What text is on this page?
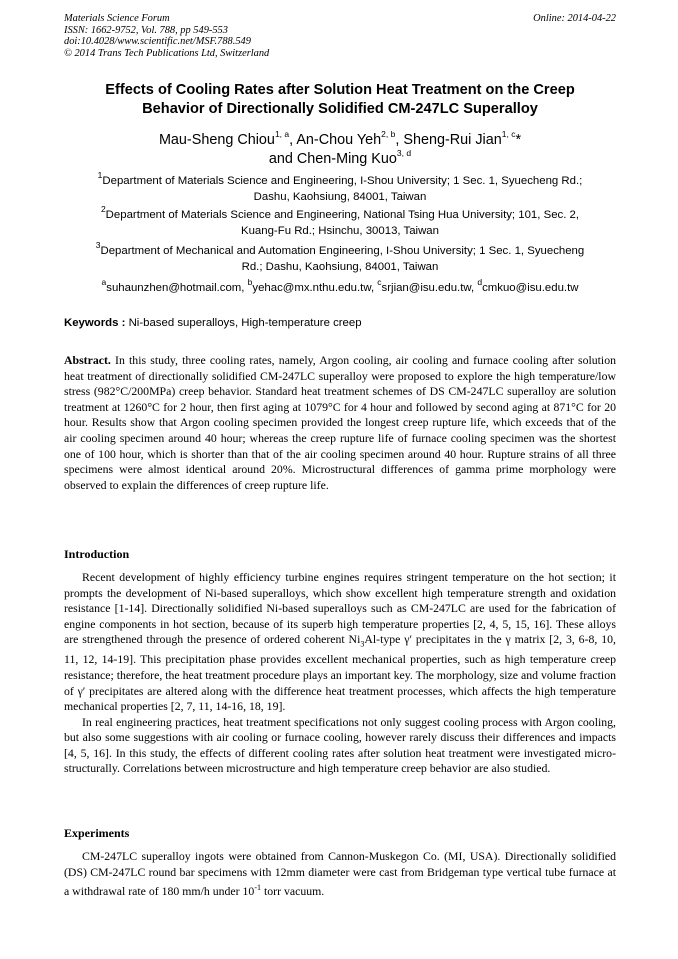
Materials Science Forum
ISSN: 1662-9752, Vol. 788, pp 549-553
doi:10.4028/www.scientific.net/MSF.788.549
© 2014 Trans Tech Publications Ltd, Switzerland
Online: 2014-04-22
Effects of Cooling Rates after Solution Heat Treatment on the Creep
Behavior of Directionally Solidified CM-247LC Superalloy
Mau-Sheng Chiou$^{1, a}$, An-Chou Yeh$^{2, b}$, Sheng-Rui Jian$^{1, c}$*
and Chen-Ming Kuo$^{3, d}$
$^1$Department of Materials Science and Engineering, I-Shou University; 1 Sec. 1, Syuecheng Rd.;
Dashu, Kaohsiung, 84001, Taiwan
$^2$Department of Materials Science and Engineering, National Tsing Hua University; 101, Sec. 2,
Kuang-Fu Rd.; Hsinchu, 30013, Taiwan
$^3$Department of Mechanical and Automation Engineering, I-Shou University; 1 Sec. 1, Syuecheng
Rd.; Dashu, Kaohsiung, 84001, Taiwan
$^a$suhaunzhen@hotmail.com, $^b$yehac@mx.nthu.edu.tw, $^c$srjian@isu.edu.tw, $^d$cmkuo@isu.edu.tw
Keywords : Ni-based superalloys, High-temperature creep

Abstract. In this study, three cooling rates, namely, Argon cooling, air cooling and furnace cooling after solution heat treatment of directionally solidified CM-247LC superalloy were proposed to explore the high temperature/low stress (982°C/200MPa) creep behavior. Standard heat treatment schemes of DS CM-247LC superalloy are solution treatment at 1260°C for 2 hour, then first aging at 1079°C for 4 hour and followed by second aging at 871°C for 20 hour. Results show that Argon cooling specimen provided the longest creep rupture life, which exceeds that of the air cooling specimen around 40 hour; whereas the creep rupture life of furnace cooling specimen was the shortest one of 100 hour, which is shorter than that of the air cooling specimen around 40 hour. Rupture strains of all three specimens were almost identical around 20%. Microstructural differences of gamma prime morphology were observed to explain the differences of creep rupture life.

Introduction

Recent development of highly efficiency turbine engines requires stringent temperature on the hot section; it prompts the development of Ni-based superalloys, which show excellent high temperature strength and oxidation resistance [1-14]. Directionally solidified Ni-based superalloys such as CM-247LC are used for the fabrication of engine components in hot section, because of its superb high temperature properties [2, 4, 5, 15, 16]. These alloys are strengthened through the presence of ordered coherent $Ni_3Al$-type γ′ precipitates in the γ matrix [2, 3, 6-8, 10, 11, 12, 14-19]. This precipitation phase provides excellent mechanical properties, such as high temperature creep resistance; therefore, the heat treatment procedure plays an important key. The morphology, size and volume fraction of γ′ precipitates are altered along with the difference heat treatment processes, which affects the high temperature mechanical properties [2, 7, 11, 14-16, 18, 19].

In real engineering practices, heat treatment specifications not only suggest cooling process with Argon cooling, but also some suggestions with air cooling or furnace cooling, however rarely discuss their differences and impacts [4, 5, 16]. In this study, the effects of different cooling rates after solution heat treatment were investigated micro-structurally. Correlations between microstructure and high temperature creep behavior are also studied.

Experiments

CM-247LC superalloy ingots were obtained from Cannon-Muskegon Co. (MI, USA). Directionally solidified (DS) CM-247LC round bar specimens with 12mm diameter were cast from Bridgeman type vertical tube furnace at a withdrawal rate of 180 mm/h under $10^{-1}$ torr vacuum.
